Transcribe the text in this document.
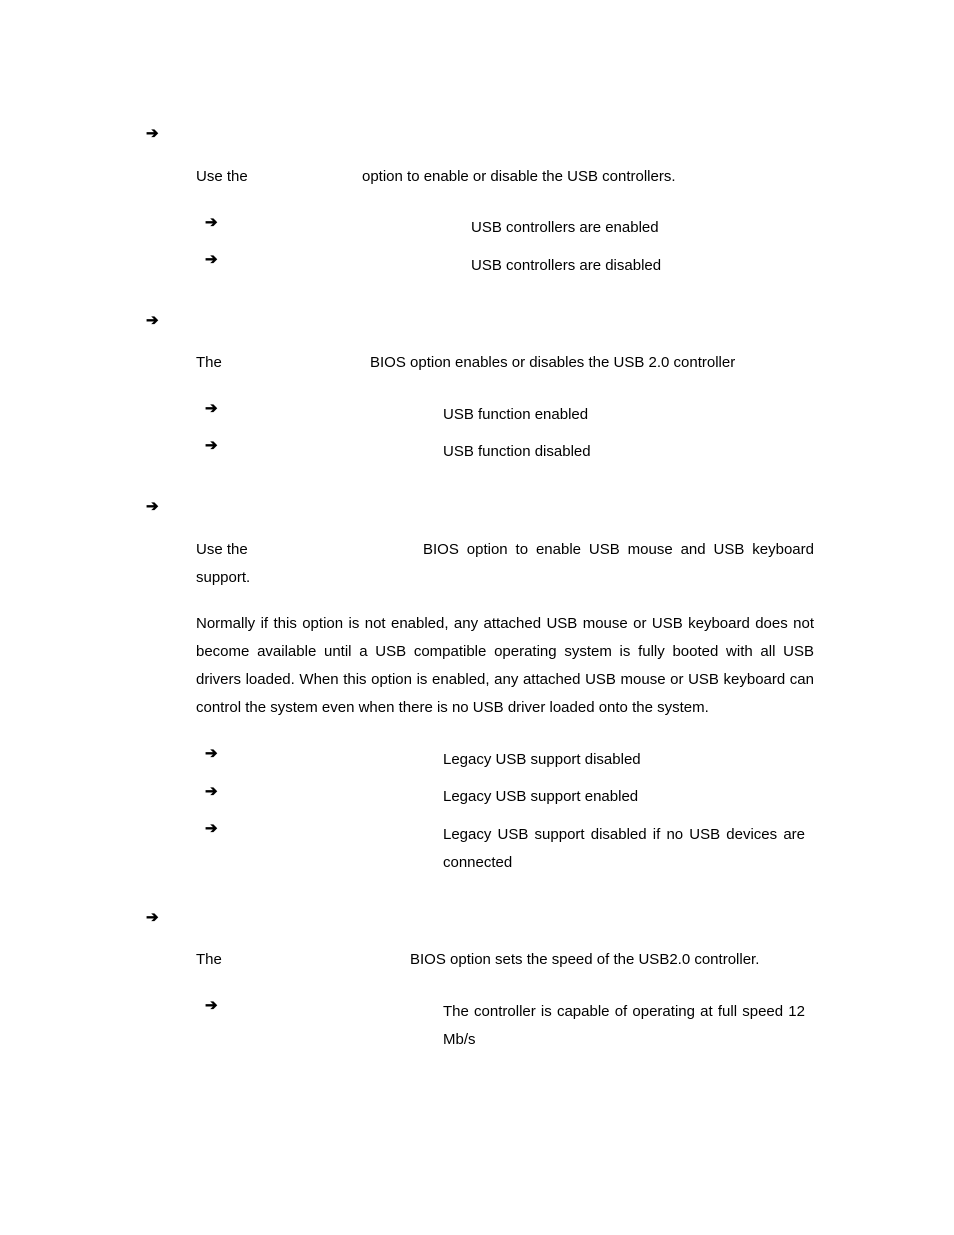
➔
Use the	option to enable or disable the USB controllers.
➔	USB controllers are enabled
➔	USB controllers are disabled
➔
The	BIOS option enables or disables the USB 2.0 controller
➔	USB function enabled
➔	USB function disabled
➔
Use the	BIOS option to enable USB mouse and USB keyboard
support.
Normally if this option is not enabled, any attached USB mouse or USB keyboard does not become available until a USB compatible operating system is fully booted with all USB drivers loaded. When this option is enabled, any attached USB mouse or USB keyboard can control the system even when there is no USB driver loaded onto the system.
➔	Legacy USB support disabled
➔	Legacy USB support enabled
➔	Legacy USB support disabled if no USB devices are connected
➔
The	BIOS option sets the speed of the USB2.0 controller.
➔	The controller is capable of operating at full speed 12 Mb/s
